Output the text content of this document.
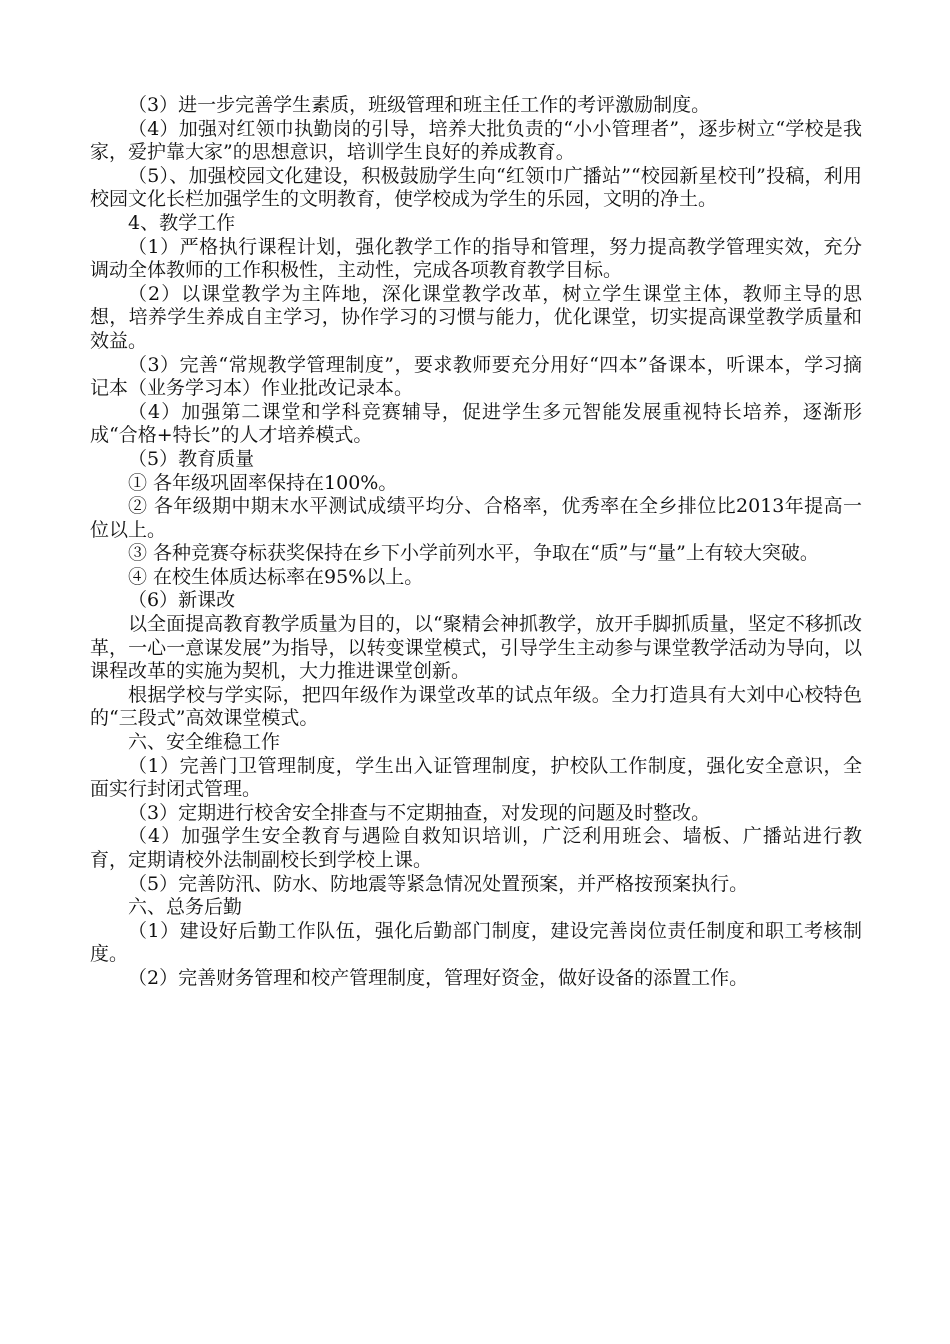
（3）进一步完善学生素质，班级管理和班主任工作的考评激励制度。

（4）加强对红领巾执勤岗的引导，培养大批负责的“小小管理者”，逐步树立“学校是我家，爱护靠大家”的思想意识，培训学生良好的养成教育。

（5）、加强校园文化建设，积极鼓励学生向“红领巾广播站”“校园新星校刊”投稿，利用校园文化长栏加强学生的文明教育，使学校成为学生的乐园，文明的净土。

4、教学工作

（1）严格执行课程计划，强化教学工作的指导和管理，努力提高教学管理实效，充分调动全体教师的工作积极性，主动性，完成各项教育教学目标。

（2）以课堂教学为主阵地，深化课堂教学改革，树立学生课堂主体，教师主导的思想，培养学生养成自主学习，协作学习的习惯与能力，优化课堂，切实提高课堂教学质量和效益。

（3）完善“常规教学管理制度”，要求教师要充分用好“四本”备课本，听课本，学习摘记本（业务学习本）作业批改记录本。

（4）加强第二课堂和学科竞赛辅导，促进学生多元智能发展重视特长培养，逐渐形成“合格+特长”的人才培养模式。

（5）教育质量

① 各年级巩固率保持在100%。

② 各年级期中期末水平测试成绩平均分、合格率，优秀率在全乡排位比2013年提高一位以上。

③ 各种竞赛夺标获奖保持在乡下小学前列水平，争取在“质”与“量”上有较大突破。

④ 在校生体质达标率在95%以上。

（6）新课改

以全面提高教育教学质量为目的，以“聚精会神抓教学，放开手脚抓质量，坚定不移抓改革，一心一意谋发展”为指导，以转变课堂模式，引导学生主动参与课堂教学活动为导向，以课程改革的实施为契机，大力推进课堂创新。

根据学校与学实际，把四年级作为课堂改革的试点年级。全力打造具有大刘中心校特色的“三段式”高效课堂模式。

六、安全维稳工作

（1）完善门卫管理制度，学生出入证管理制度，护校队工作制度，强化安全意识，全面实行封闭式管理。

（3）定期进行校舍安全排查与不定期抽查，对发现的问题及时整改。

（4）加强学生安全教育与遇险自救知识培训，广泛利用班会、墙板、广播站进行教育，定期请校外法制副校长到学校上课。

（5）完善防汛、防水、防地震等紧急情况处置预案，并严格按预案执行。

六、总务后勤

（1）建设好后勤工作队伍，强化后勤部门制度，建设完善岗位责任制度和职工考核制度。

（2）完善财务管理和校产管理制度，管理好资金，做好设备的添置工作。
